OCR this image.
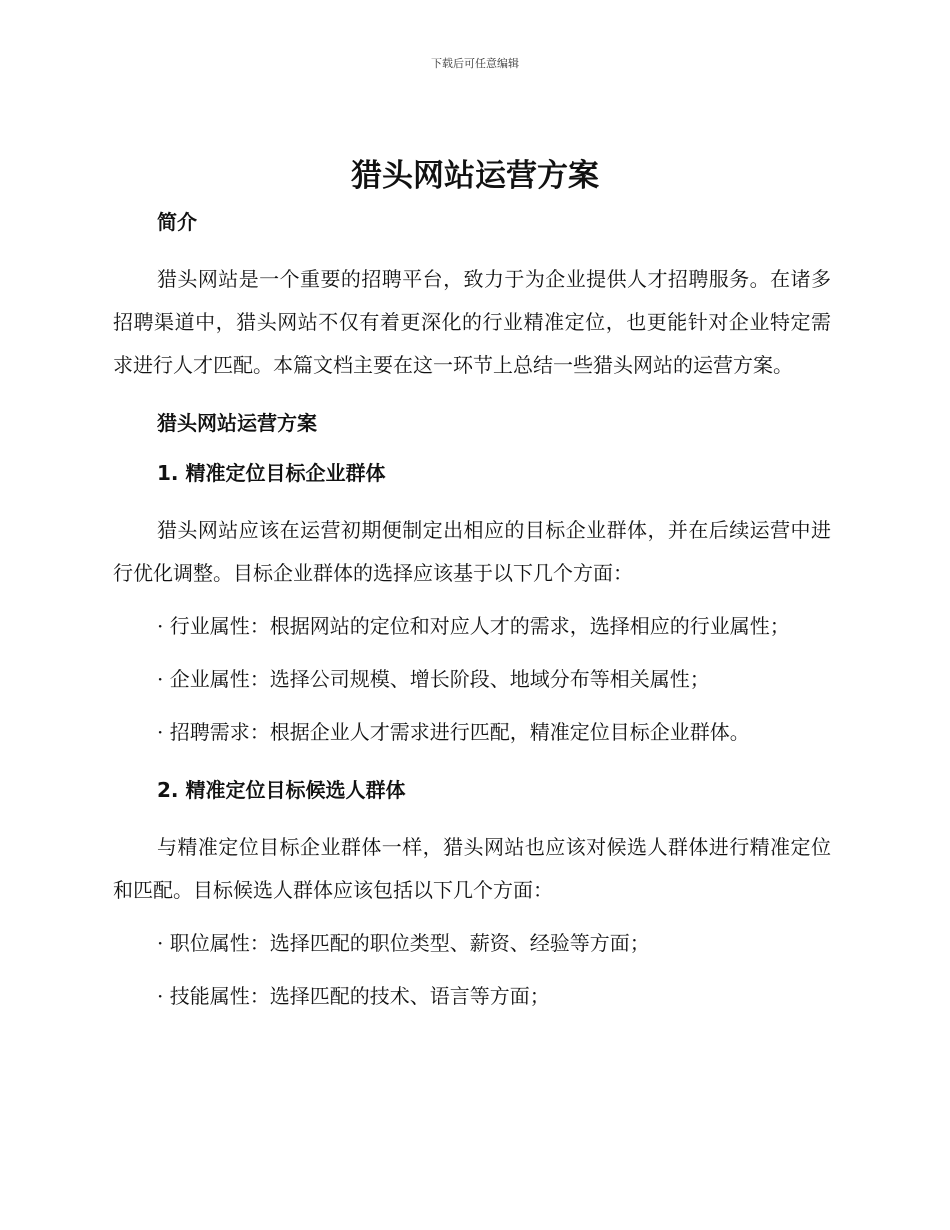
下载后可任意编辑
猎头网站运营方案
简介

猎头网站是一个重要的招聘平台，致力于为企业提供人才招聘服务。在诸多招聘渠道中，猎头网站不仅有着更深化的行业精准定位，也更能针对企业特定需求进行人才匹配。本篇文档主要在这一环节上总结一些猎头网站的运营方案。

猎头网站运营方案
1. 精准定位目标企业群体

猎头网站应该在运营初期便制定出相应的目标企业群体，并在后续运营中进行优化调整。目标企业群体的选择应该基于以下几个方面：

· 行业属性：根据网站的定位和对应人才的需求，选择相应的行业属性；

· 企业属性：选择公司规模、增长阶段、地域分布等相关属性；

· 招聘需求：根据企业人才需求进行匹配，精准定位目标企业群体。

2. 精准定位目标候选人群体

与精准定位目标企业群体一样，猎头网站也应该对候选人群体进行精准定位和匹配。目标候选人群体应该包括以下几个方面：

· 职位属性：选择匹配的职位类型、薪资、经验等方面；

· 技能属性：选择匹配的技术、语言等方面；
